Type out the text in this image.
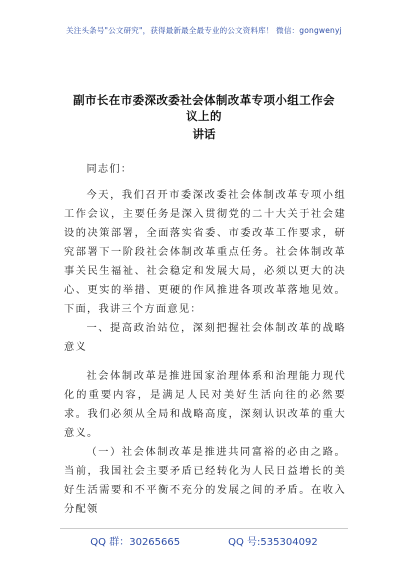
关注头条号"公文研究"，获得最新最全最专业的公文资料库！ 微信：gongwenyj
副市长在市委深改委社会体制改革专项小组工作会议上的
讲话

同志们：

今天，我们召开市委深改委社会体制改革专项小组工作会议，主要任务是深入贯彻党的二十大关于社会建设的决策部署，全面落实省委、市委改革工作要求，研究部署下一阶段社会体制改革重点任务。社会体制改革事关民生福祉、社会稳定和发展大局，必须以更大的决心、更实的举措、更硬的作风推进各项改革落地见效。下面，我讲三个方面意见：

一、提高政治站位，深刻把握社会体制改革的战略意义

社会体制改革是推进国家治理体系和治理能力现代化的重要内容，是满足人民对美好生活向往的必然要求。我们必须从全局和战略高度，深刻认识改革的重大意义。

（一）社会体制改革是推进共同富裕的必由之路。当前，我国社会主要矛盾已经转化为人民日益增长的美好生活需要和不平衡不充分的发展之间的矛盾。在收入分配领

QQ 群：30265665	QQ 号:535304092
